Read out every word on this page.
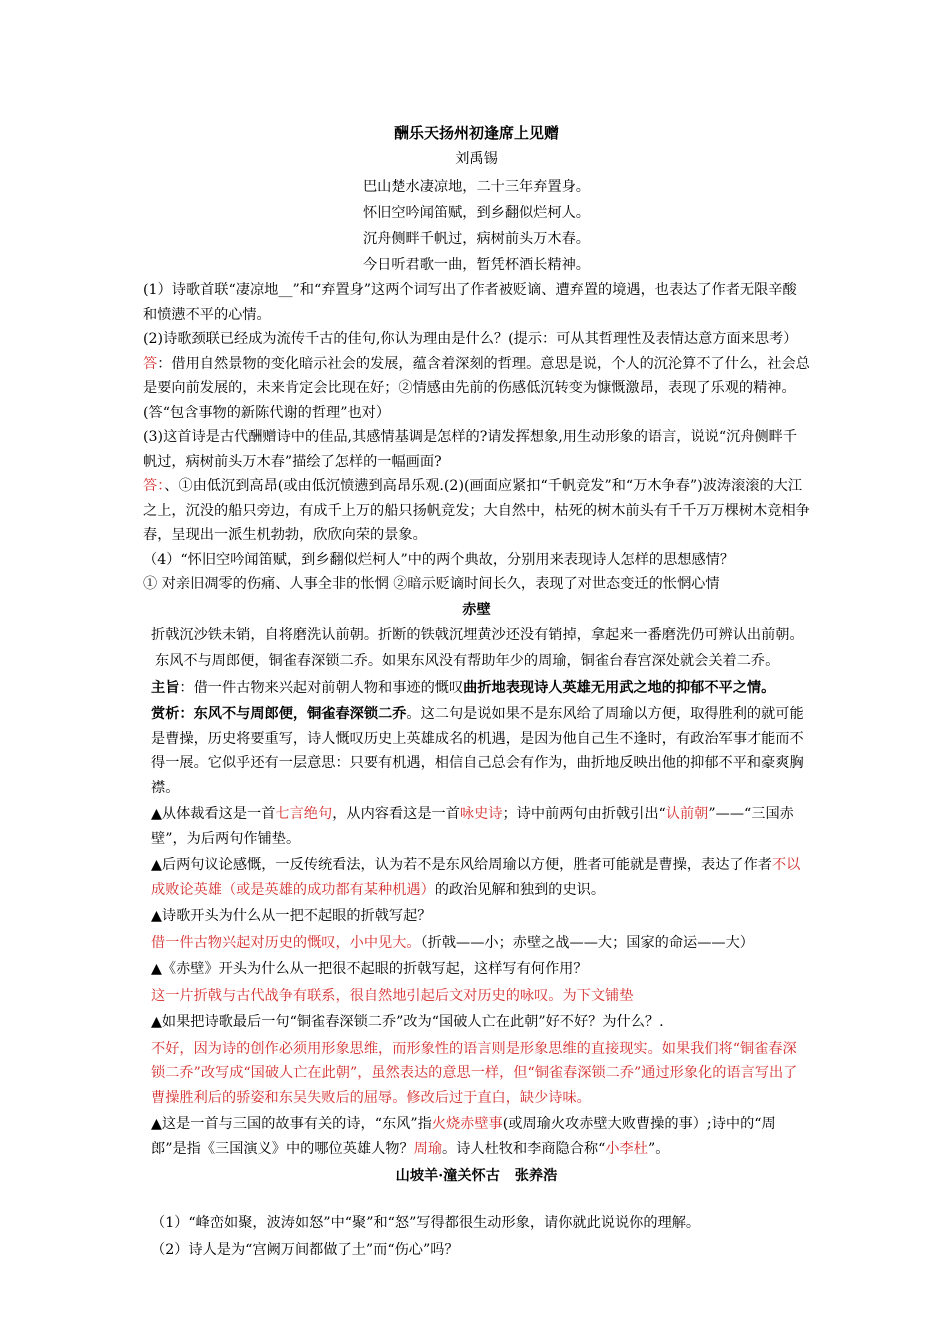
酬乐天扬州初逢席上见赠
刘禹锡
巴山楚水凄凉地，二十三年弃置身。
怀旧空吟闻笛赋，到乡翻似烂柯人。
沉舟侧畔千帆过，病树前头万木春。
今日听君歌一曲，暂凭杯酒长精神。
(1）诗歌首联“凄凉地__”和“弃置身”这两个词写出了作者被贬谪、遭弃置的境遇，也表达了作者无限辛酸和愤懑不平的心情。
(2)诗歌颈联已经成为流传千古的佳句,你认为理由是什么？(提示：可从其哲理性及表情达意方面来思考）
答：借用自然景物的变化暗示社会的发展，蕴含着深刻的哲理。意思是说，个人的沉沦算不了什么，社会总是要向前发展的，未来肯定会比现在好；②情感由先前的伤感低沉转变为慷慨激昂，表现了乐观的精神。(答“包含事物的新陈代谢的哲理”也对）
(3)这首诗是古代酬赠诗中的佳品,其感情基调是怎样的?请发挥想象,用生动形象的语言，说说“沉舟侧畔千帆过，病树前头万木春”描绘了怎样的一幅画面?
答：、①由低沉到高昂(或由低沉愤懑到高昂乐观.(2)(画面应紧扣“千帆竞发”和“万木争春”)波涛滚滚的大江之上，沉没的船只旁边，有成千上万的船只扬帆竞发；大自然中，枯死的树木前头有千千万万棵树木竞相争春，呈现出一派生机勃勃，欣欣向荣的景象。
（4）“怀旧空吟闻笛赋，到乡翻似烂柯人”中的两个典故，分别用来表现诗人怎样的思想感情？
① 对亲旧凋零的伤痛、人事全非的怅惘 ②暗示贬谪时间长久，表现了对世态变迁的怅惘心情
赤壁
折戟沉沙铁未销，自将磨洗认前朝。折断的铁戟沉埋黄沙还没有销掉，拿起来一番磨洗仍可辨认出前朝。
东风不与周郎便，铜雀春深锁二乔。如果东风没有帮助年少的周瑜，铜雀台春宫深处就会关着二乔。
主旨：借一件古物来兴起对前朝人物和事迹的慨叹曲折地表现诗人英雄无用武之地的抑郁不平之情。
赏析：东风不与周郎便，铜雀春深锁二乔。这二句是说如果不是东风给了周瑜以方便，取得胜利的就可能是曹操，历史将要重写，诗人慨叹历史上英雄成名的机遇，是因为他自己生不逢时，有政治军事才能而不得一展。它似乎还有一层意思：只要有机遇，相信自己总会有作为，曲折地反映出他的抑郁不平和豪爽胸襟。
▲从体裁看这是一首七言绝句，从内容看这是一首咏史诗；诗中前两句由折戟引出“认前朝”——“三国赤壁”，为后两句作铺垫。
▲后两句议论感慨，一反传统看法，认为若不是东风给周瑜以方便，胜者可能就是曹操，表达了作者不以成败论英雄（或是英雄的成功都有某种机遇）的政治见解和独到的史识。
▲诗歌开头为什么从一把不起眼的折戟写起？
借一件古物兴起对历史的慨叹，小中见大。（折戟——小；赤壁之战——大；国家的命运——大）
▲《赤壁》开头为什么从一把很不起眼的折戟写起，这样写有何作用？
这一片折戟与古代战争有联系，很自然地引起后文对历史的咏叹。为下文铺垫
▲如果把诗歌最后一句“铜雀春深锁二乔”改为“国破人亡在此朝”好不好？为什么？.
不好，因为诗的创作必须用形象思维，而形象性的语言则是形象思维的直接现实。如果我们将“铜雀春深锁二乔”改写成“国破人亡在此朝”，虽然表达的意思一样，但“铜雀春深锁二乔”通过形象化的语言写出了曹操胜利后的骄姿和东吴失败后的屈辱。修改后过于直白，缺少诗味。
▲这是一首与三国的故事有关的诗，“东风”指火烧赤壁事(或周瑜火攻赤壁大败曹操的事）;诗中的“周郎”是指《三国演义》中的哪位英雄人物？周瑜。诗人杜牧和李商隐合称“小李杜”。
山坡羊·潼关怀古   张养浩
（1）“峰峦如聚，波涛如怒”中“聚”和“怒”写得都很生动形象，请你就此说说你的理解。
（2）诗人是为“宫阙万间都做了土”而“伤心”吗？
